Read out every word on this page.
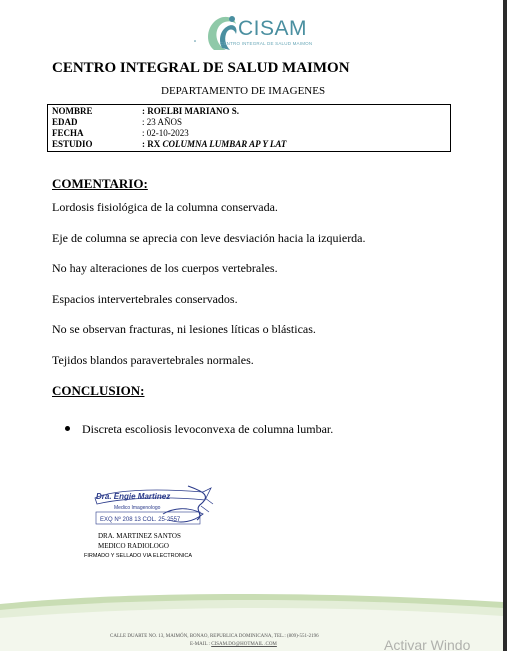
CISAM
CENTRO INTEGRAL DE SALUD MAIMON
CENTRO INTEGRAL DE SALUD MAIMON
DEPARTAMENTO DE IMAGENES
NOMBRE	: ROELBI MARIANO S.
EDAD	: 23 AÑOS
FECHA	: 02-10-2023
ESTUDIO	: RX COLUMNA LUMBAR AP Y LAT
COMENTARIO:
Lordosis fisiológica de la columna conservada.
Eje de columna se aprecia con leve desviación hacia la izquierda.
No hay alteraciones de los cuerpos vertebrales.
Espacios intervertebrales conservados.
No se observan fracturas, ni lesiones líticas o blásticas.
Tejidos blandos paravertebrales normales.
CONCLUSION:
Discreta escoliosis levoconvexa de columna lumbar.
Dra. Engie Martinez
Medico Imagenologo
EXQ Nº 208 13 COL. 25-2557
DRA. MARTINEZ SANTOS
MEDICO RADIOLOGO
FIRMADO Y SELLADO VIA ELECTRONICA
CALLE DUARTE NO. 13, MAIMÓN, BONAO, REPUBLICA DOMINICANA, TEL.: (809)-551-2196
E-MAIL : CISAM.DO@HOTMAIL .COM	Activar Windo
